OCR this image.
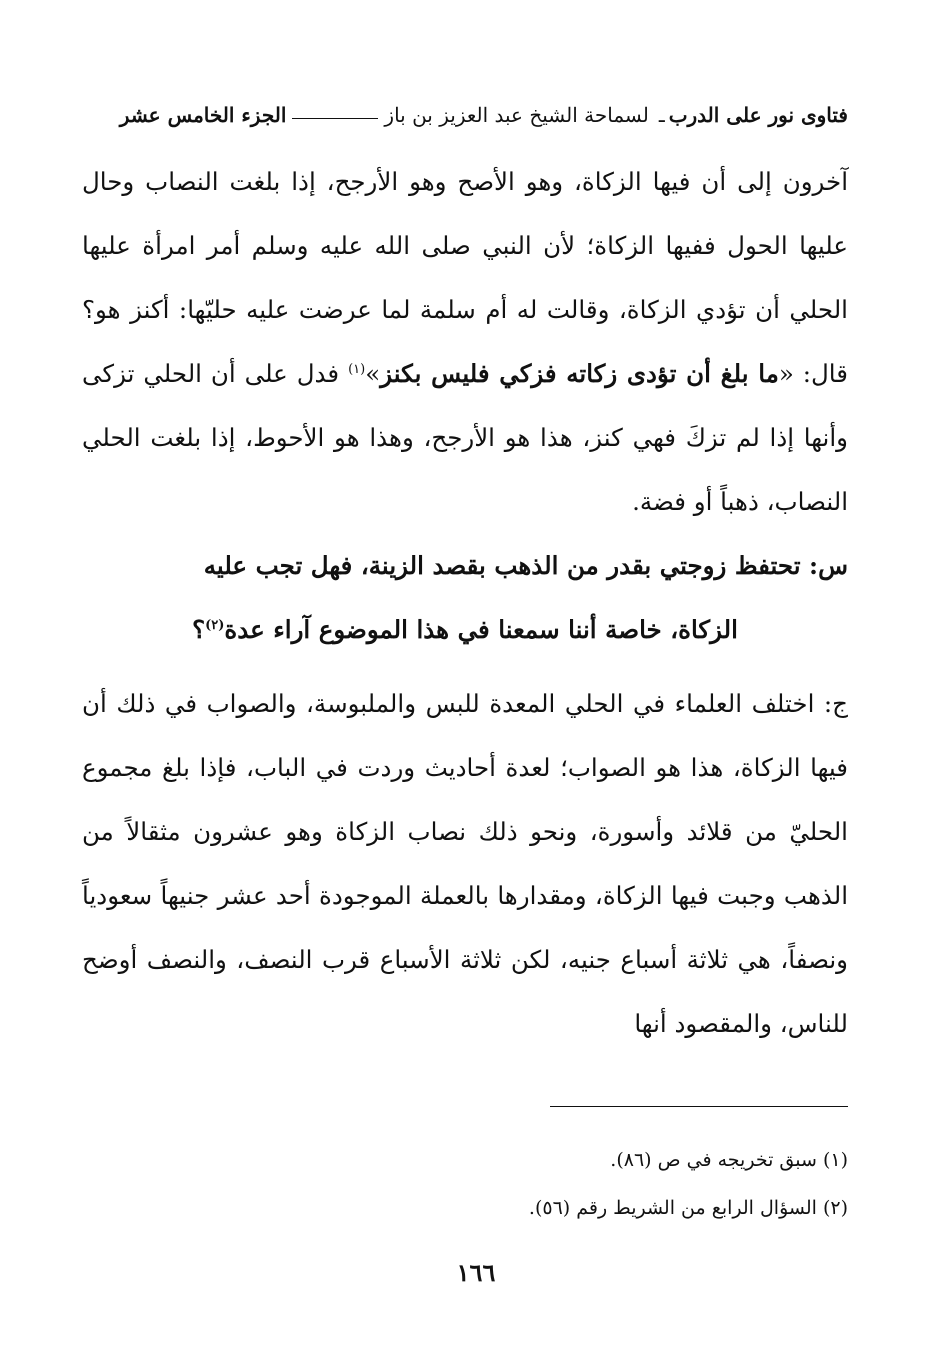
فتاوى نور على الدرب
ـ
لسماحة الشيخ عبد العزيز بن باز
الجزء الخامس عشر

آخرون إلى أن فيها الزكاة، وهو الأصح وهو الأرجح، إذا بلغت النصاب وحال عليها الحول ففيها الزكاة؛ لأن النبي صلى الله عليه وسلم أمر امرأة عليها الحلي أن تؤدي الزكاة، وقالت له أم سلمة لما عرضت عليه حليّها: أكنز هو؟ قال: «ما بلغ أن تؤدى زكاته فزكي فليس بكنز»$^{(١)}$ فدل على أن الحلي تزكى وأنها إذا لم تزكَ فهي كنز، هذا هو الأرجح، وهذا هو الأحوط، إذا بلغت الحلي النصاب، ذهباً أو فضة.

س: تحتفظ زوجتي بقدر من الذهب بقصد الزينة، فهل تجب عليه
الزكاة، خاصة أننا سمعنا في هذا الموضوع آراء عدة$^{(٢)}$؟

ج: اختلف العلماء في الحلي المعدة للبس والملبوسة، والصواب في ذلك أن فيها الزكاة، هذا هو الصواب؛ لعدة أحاديث وردت في الباب، فإذا بلغ مجموع الحليّ من قلائد وأسورة، ونحو ذلك نصاب الزكاة وهو عشرون مثقالاً من الذهب وجبت فيها الزكاة، ومقدارها بالعملة الموجودة أحد عشر جنيهاً سعودياً ونصفاً، هي ثلاثة أسباع جنيه، لكن ثلاثة الأسباع قرب النصف، والنصف أوضح للناس، والمقصود أنها

(١) سبق تخريجه في ص (٨٦).
(٢) السؤال الرابع من الشريط رقم (٥٦).
١٦٦
